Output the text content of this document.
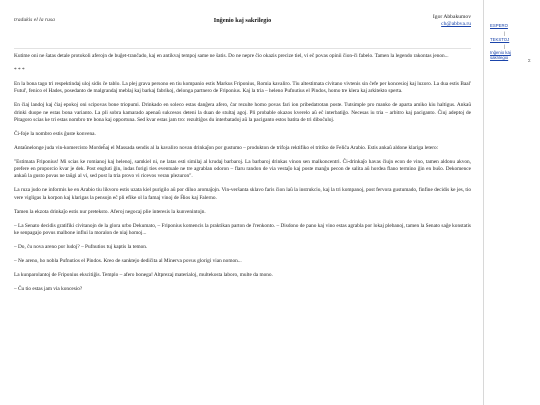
tradukis el la rusa	Inĝenio kaj sakrilegio	Igor Abbakumov
ch@abbva.ru

Kutime oni ne ŝatas detale protokoli aferojn de buĝet-trančado, kaj en antikvaj tempoj same ne ŝatis. Do ne nepre ĉio okazis precize tiel, vi eĉ povas opinii ĉion-ĉi fabelo. Tamen la legendo rakontas jenon...

* * *

En la bona tago tri respektindaj uloj sidis ĉe tablo. La plej grava persono en tiu kompanio estis Markus Friponius, Romia kavaliro. Tiu altestimata civitano vivtenis sin ĉefe per koncesioj kaj luzoro. La dua estis Baal' Futul', fenico el Hades, posedanto de malgrandaj meblaj kaj barkaj fabrikoj, delonga partnero de Friponius. Kaj la tria – heleno Pufnutius el Pindos, homo tre klera kaj arkitekto sperta.

En ĉiaj landoj kaj ĉiaj epokoj oni scipovas bone triopumi. Drinkado en soleco estas danĝera afero, ĉar rezulte homo povas fari ion pribedatrotan poste. Tutsimple pro manko de aparta amiko kiu haltigus. Ankaŭ drinki duope ne estas bona varianto. La pli sobra kamarado apenaŭ sukcesos deteni la duan de stultaj agoj. Pli probable okazos kverelo aŭ eĉ interbatiĝo. Necesas iu tria – arbitro kaj paciganto. Ĉiuj adeptoj de Pitagoro scias ke tri estas nombro tre bona kaj opportuna. Sed kvar estas jam tro: rezultiĝos du interbatadoj aŭ la paciganto estos batita de tri diboĉuloj.

Ĉi-foje la nombro estis ĝuste konvena.

Antaŭnelonge juda vin-komercisto Mordeĥaj el Massada sendis al la kavaliro novan drinkaĵon por gustumo – produkton de trifoja rektifiko el tritiko de Feliĉa Arabio. Estis ankaŭ aldone klariga letero:

"Estimata Friponius! Mi scias ke romianoj kaj helenoj, samkiel ni, ne latas esti similaj al krudaj barbaroj. La barbaroj drinkas vinon sen malkoncentri. Ĉi-drinkaĵo havas ĉiujn econ de vino, tamen aldonu akvon, prefere en proporcio kvar je dek. Post engluti ĝin, indas forigi ties eventuale ne tre agrablan odoron – flaru randon de via vestaĵo kaj poste manĝu pecon de salita aŭ hordea flano termino ĝin en buŝo. Dekomence ankaŭ la gusto povas ne taŭgi al vi, sed post la tria provo vi ricevos veran plezuron".

La ruza judo ne informis ke en Arabio tiu likvoro estis uzata kiel purigilo aŭ por diluo aromaĵojn. Vin-verŝanta sklavo faris ĉion laŭ la instrukcio, kaj la tri kompanoj, post fervora gustumado, finfine decidis ke jes, tio vere vigligas la korpon kaj klarigas la pensojn eĉ pli efike ol la famaj vinoj de Ĥios kaj Falerno.

Tamen la ekzota drinkaĵo estis nur pretekstо. Aferoj negocaj plie interesis la kunvenintojn.

– La Senato decidis gratifiki civitanojn de la glora urbo Dekumato, – Friponius komencis la praktikan parton de l'renkonto. – Disdono de pano kaj vino estas agrabla por lokaj plebanoj, tamen la Senato saĝe konstatis ke senpagajo povus malbone influi la moralon de niaj homoj...

– Do, ĉu nova areno por ludoj? – Pufnutios tuj kaptis la temon.

– Ne areno, ho nobla Pufnutios el Pindos. Kreo de sanktejo dediĉita al Minerva povus glorigi vian nomon...

La kunparolantoj de Friponius ekscitiĝis. Templo – afero bonega! Altprezaj materialoj, multekosta laboro, multe da mono.

– Ĉu tio estas jam via koncesio?

ESPERO
|
TEKSTOJ
|
Inĝenio kaj sakrilegio
Σ
